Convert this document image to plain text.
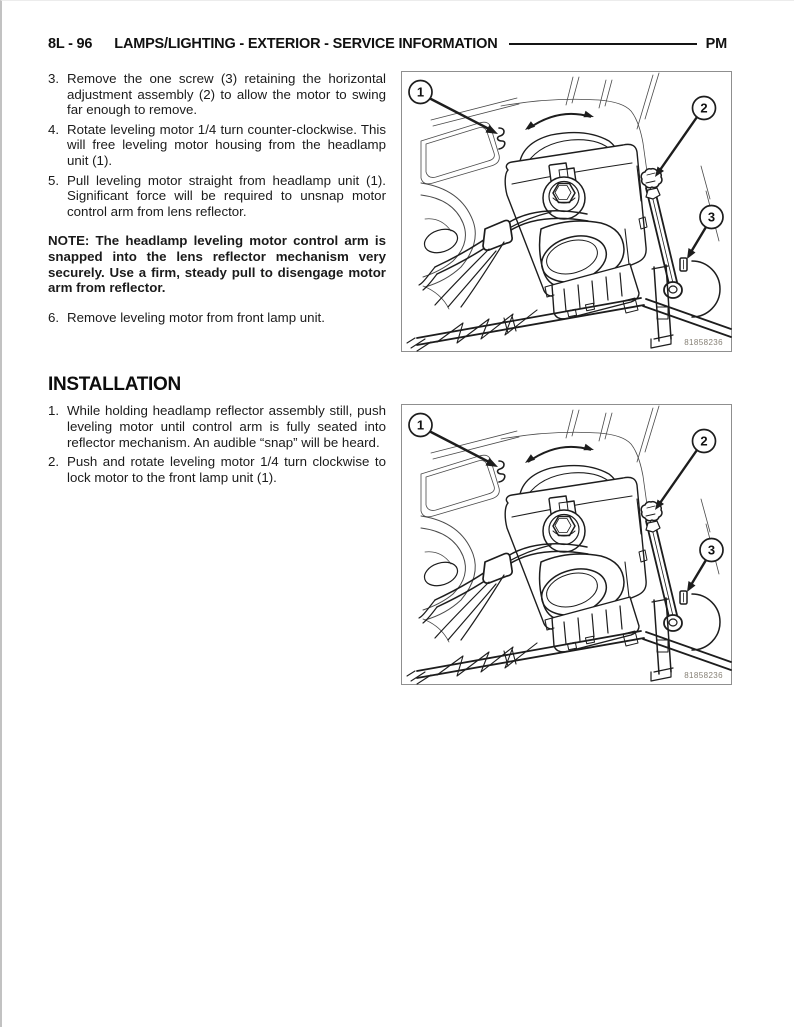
8L - 96 LAMPS/LIGHTING - EXTERIOR - SERVICE INFORMATION	PM
3. Remove the one screw (3) retaining the horizontal adjustment assembly (2) to allow the motor to swing far enough to remove.

4. Rotate leveling motor 1/4 turn counter-clockwise. This will free leveling motor housing from the headlamp unit (1).

5. Pull leveling motor straight from headlamp unit (1). Significant force will be required to unsnap motor control arm from lens reflector.

NOTE: The headlamp leveling motor control arm is snapped into the lens reflector mechanism very securely. Use a firm, steady pull to disengage motor arm from reflector.

6. Remove leveling motor from front lamp unit.

INSTALLATION
1. While holding headlamp reflector assembly still, push leveling motor until control arm is fully seated into reflector mechanism. An audible “snap” will be heard.

2. Push and rotate leveling motor 1/4 turn clockwise to lock motor to the front lamp unit (1).

1
2
3
81858236
1
2
3
81858236
